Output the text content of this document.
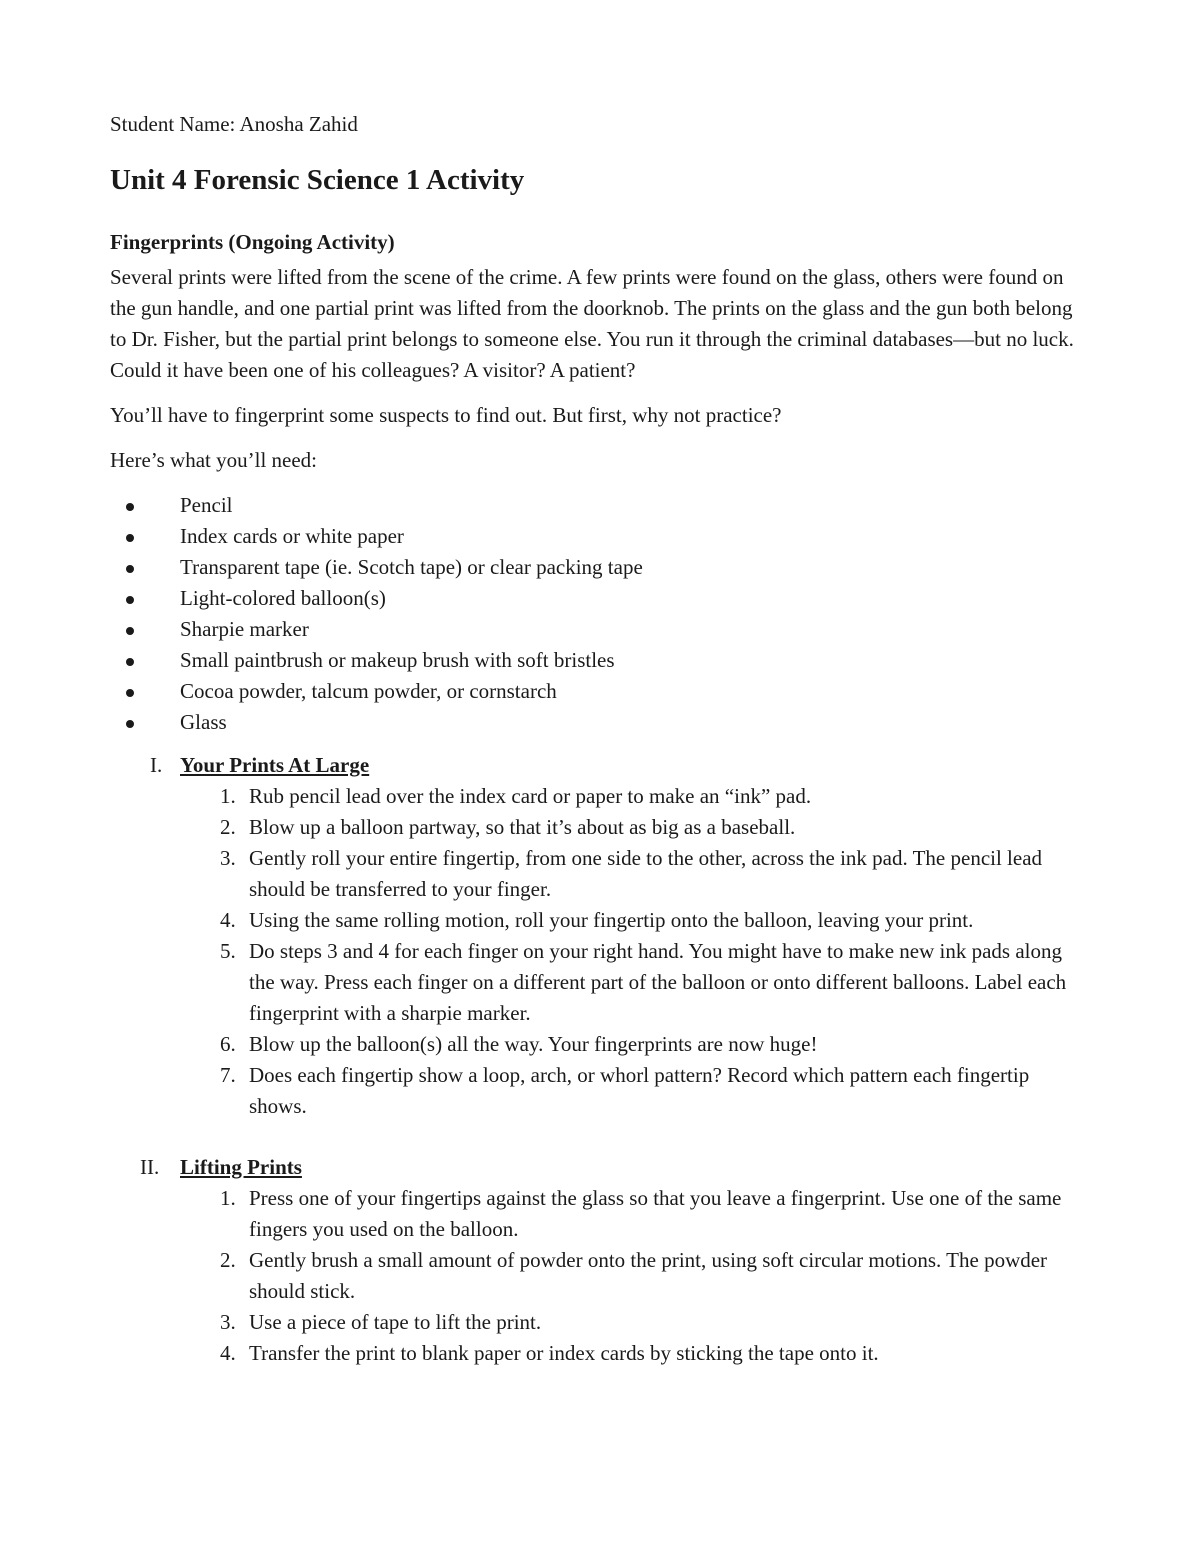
Student Name: Anosha Zahid
Unit 4 Forensic Science 1 Activity
Fingerprints (Ongoing Activity)

Several prints were lifted from the scene of the crime. A few prints were found on the glass, others were found on the gun handle, and one partial print was lifted from the doorknob. The prints on the glass and the gun both belong to Dr. Fisher, but the partial print belongs to someone else. You run it through the criminal databases—but no luck. Could it have been one of his colleagues? A visitor? A patient?

You’ll have to fingerprint some suspects to find out. But first, why not practice?

Here’s what you’ll need:

Pencil
Index cards or white paper
Transparent tape (ie. Scotch tape) or clear packing tape
Light-colored balloon(s)
Sharpie marker
Small paintbrush or makeup brush with soft bristles
Cocoa powder, talcum powder, or cornstarch
Glass
I. Your Prints At Large
1. Rub pencil lead over the index card or paper to make an “ink” pad.
2. Blow up a balloon partway, so that it’s about as big as a baseball.
3. Gently roll your entire fingertip, from one side to the other, across the ink pad. The pencil lead should be transferred to your finger.
4. Using the same rolling motion, roll your fingertip onto the balloon, leaving your print.
5. Do steps 3 and 4 for each finger on your right hand. You might have to make new ink pads along the way. Press each finger on a different part of the balloon or onto different balloons. Label each fingerprint with a sharpie marker.
6. Blow up the balloon(s) all the way. Your fingerprints are now huge!
7. Does each fingertip show a loop, arch, or whorl pattern? Record which pattern each fingertip shows.
II. Lifting Prints
1. Press one of your fingertips against the glass so that you leave a fingerprint. Use one of the same fingers you used on the balloon.
2. Gently brush a small amount of powder onto the print, using soft circular motions. The powder should stick.
3. Use a piece of tape to lift the print.
4. Transfer the print to blank paper or index cards by sticking the tape onto it.
